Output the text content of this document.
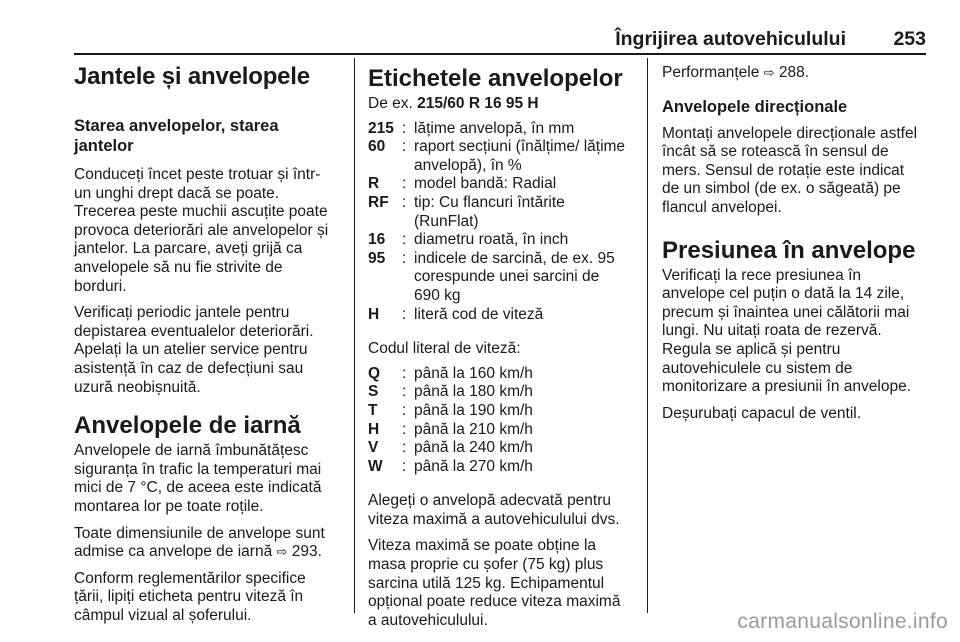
Îngrijirea autovehiculului 253
Jantele și anvelopele
Starea anvelopelor, starea
jantelor

Conduceți încet peste trotuar și într-
un unghi drept dacă se poate.
Trecerea peste muchii ascuțite poate
provoca deteriorări ale anvelopelor și
jantelor. La parcare, aveți grijă ca
anvelopele să nu fie strivite de
borduri.

Verificați periodic jantele pentru
depistarea eventualelor deteriorări.
Apelați la un atelier service pentru
asistență în caz de defecțiuni sau
uzură neobișnuită.

Anvelopele de iarnă

Anvelopele de iarnă îmbunătățesc
siguranța în trafic la temperaturi mai
mici de 7 °C, de aceea este indicată
montarea lor pe toate roțile.

Toate dimensiunile de anvelope sunt
admise ca anvelope de iarnă ⇨ 293.

Conform reglementărilor specifice
țării, lipiți eticheta pentru viteză în
câmpul vizual al șoferului.

Etichetele anvelopelor

De ex. 215/60 R 16 95 H

215 : lățime anvelopă, în mm
60	: raport secțiuni (înălțime/ lățime
anvelopă), în %
R	: model bandă: Radial
RF : tip: Cu flancuri întărite
(RunFlat)
16	: diametru roată, în inch
95	: indicele de sarcină, de ex. 95
corespunde unei sarcini de
690 kg
H	: literă cod de viteză

Codul literal de viteză:

Q	: până la 160 km/h
S	: până la 180 km/h
T	: până la 190 km/h
H	: până la 210 km/h
V	: până la 240 km/h
W	: până la 270 km/h

Alegeți o anvelopă adecvată pentru
viteza maximă a autovehiculului dvs.

Viteza maximă se poate obține la
masa proprie cu șofer (75 kg) plus
sarcina utilă 125 kg. Echipamentul
opțional poate reduce viteza maximă
a autovehiculului.

Performanțele ⇨ 288.

Anvelopele direcționale

Montați anvelopele direcționale astfel
încât să se rotească în sensul de
mers. Sensul de rotație este indicat
de un simbol (de ex. o săgeată) pe
flancul anvelopei.

Presiunea în anvelope

Verificați la rece presiunea în
anvelope cel puțin o dată la 14 zile,
precum și înaintea unei călătorii mai
lungi. Nu uitați roata de rezervă.
Regula se aplică și pentru
autovehiculele cu sistem de
monitorizare a presiunii în anvelope.

Deșurubați capacul de ventil.

carmanualsonline.info
